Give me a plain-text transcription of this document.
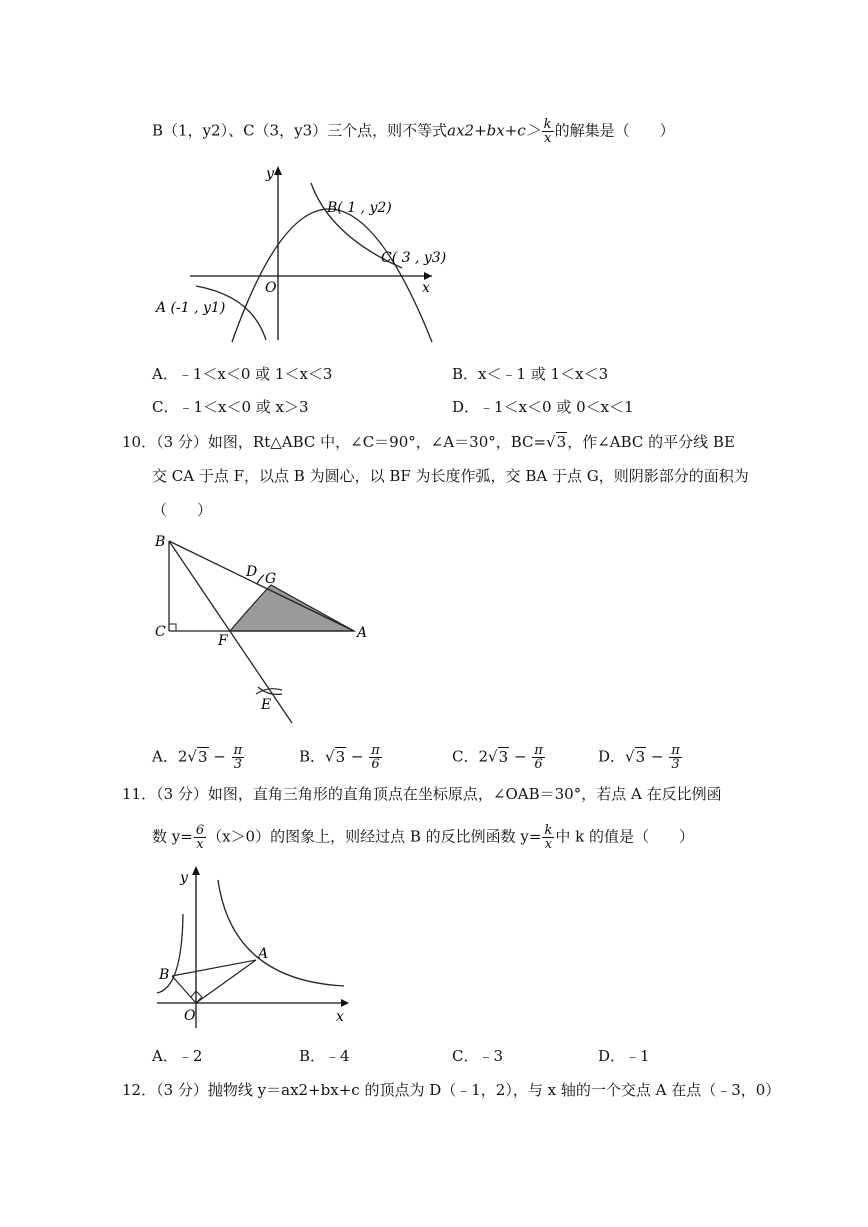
B（1，y2）、C（3，y3）三个点，则不等式$ax2+bx+c> \frac{k}{x}$ 的解集是（　　）
y
x
O
B( 1 , y2)
C( 3 , y3)
A (-1 , y1)
A．﹣1＜x＜0 或 1＜x＜3	B．x＜﹣1 或 1＜x＜3
C．﹣1＜x＜0 或 x＞3	D．﹣1＜x＜0 或 0＜x＜1
10．（3 分）如图，Rt△ABC 中，∠C＝90°，∠A＝30°，BC=√3，作∠ABC 的平分线 BE
交 CA 于点 F，以点 B 为圆心，以 BF 为长度作弧，交 BA 于点 G，则阴影部分的面积为
（　　）
B
C
F	A
D G
E
A．$2√3 - \frac{\pi}{3}$	B．$√3 - \frac{\pi}{6}$	C．$2√3 - \frac{\pi}{6}$	D．$√3 - \frac{\pi}{3}$
11．（3 分）如图，直角三角形的直角顶点在坐标原点，∠OAB＝30°，若点 A 在反比例函
数 $y= \frac{6}{x} (x>0)$的图象上，则经过点 B 的反比例函数 $y= \frac{k}{x}$ 中 k 的值是（　　）
y
x
O
A
B
A．﹣2	B．﹣4	C．﹣3	D．﹣1
12．（3 分）抛物线 y＝ax2+bx+c 的顶点为 D（﹣1，2），与 x 轴的一个交点 A 在点（﹣3，0）
